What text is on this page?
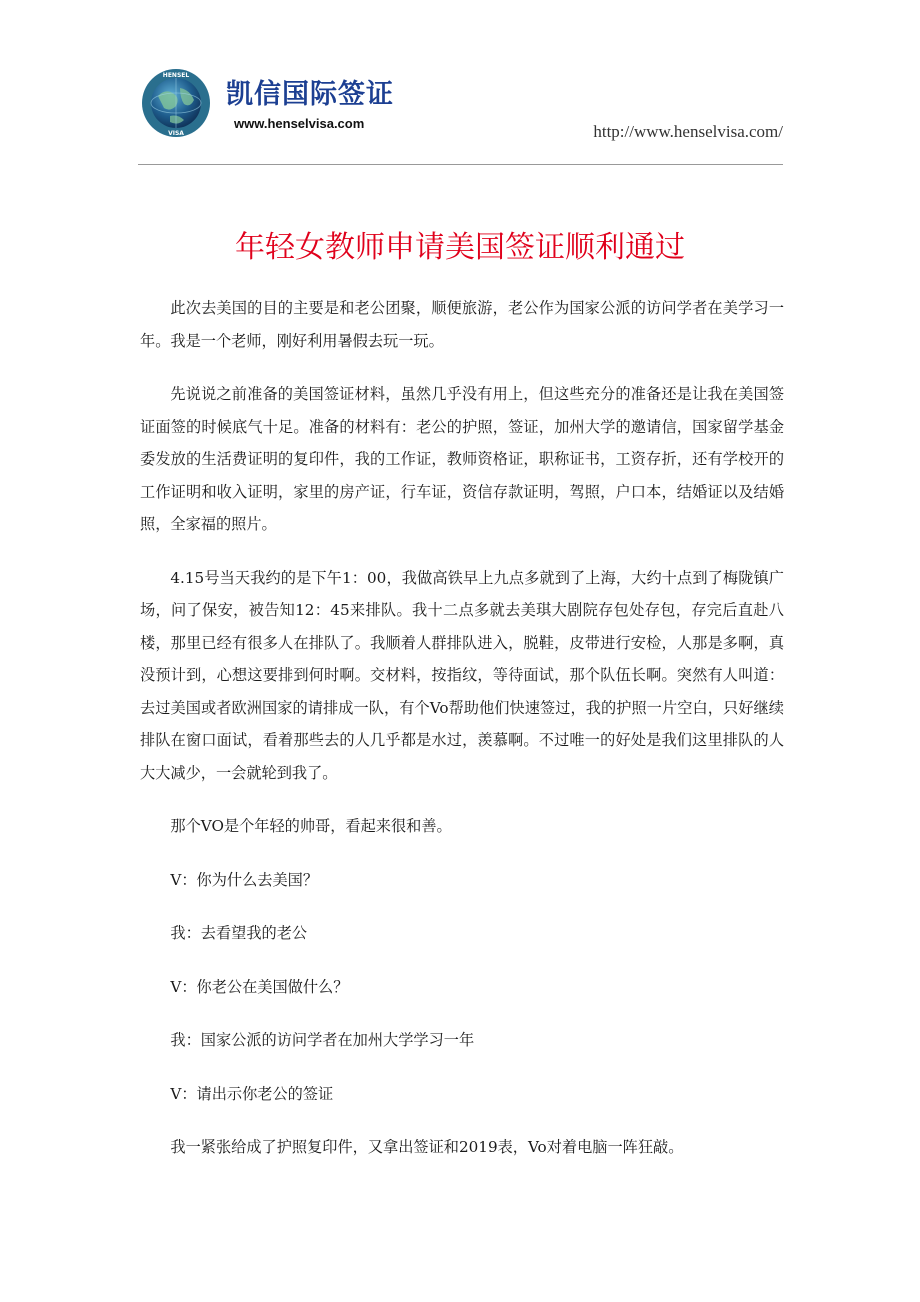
HENSEL
VISA
凯信国际签证
www.henselvisa.com	http://www.henselvisa.com/
年轻女教师申请美国签证顺利通过

此次去美国的目的主要是和老公团聚，顺便旅游，老公作为国家公派的访问学者在美学习一年。我是一个老师，刚好利用暑假去玩一玩。

先说说之前准备的美国签证材料，虽然几乎没有用上，但这些充分的准备还是让我在美国签证面签的时候底气十足。准备的材料有：老公的护照，签证，加州大学的邀请信，国家留学基金委发放的生活费证明的复印件，我的工作证，教师资格证，职称证书，工资存折，还有学校开的工作证明和收入证明，家里的房产证，行车证，资信存款证明，驾照，户口本，结婚证以及结婚照，全家福的照片。

4.15号当天我约的是下午1：00，我做高铁早上九点多就到了上海，大约十点到了梅陇镇广场，问了保安，被告知12：45来排队。我十二点多就去美琪大剧院存包处存包，存完后直赴八楼，那里已经有很多人在排队了。我顺着人群排队进入，脱鞋，皮带进行安检，人那是多啊，真没预计到，心想这要排到何时啊。交材料，按指纹，等待面试，那个队伍长啊。突然有人叫道：去过美国或者欧洲国家的请排成一队，有个Vo帮助他们快速签过，我的护照一片空白，只好继续排队在窗口面试，看着那些去的人几乎都是水过，羡慕啊。不过唯一的好处是我们这里排队的人大大减少，一会就轮到我了。

那个VO是个年轻的帅哥，看起来很和善。

V：你为什么去美国？

我：去看望我的老公

V：你老公在美国做什么？

我：国家公派的访问学者在加州大学学习一年

V：请出示你老公的签证

我一紧张给成了护照复印件，又拿出签证和2019表，Vo对着电脑一阵狂敲。
